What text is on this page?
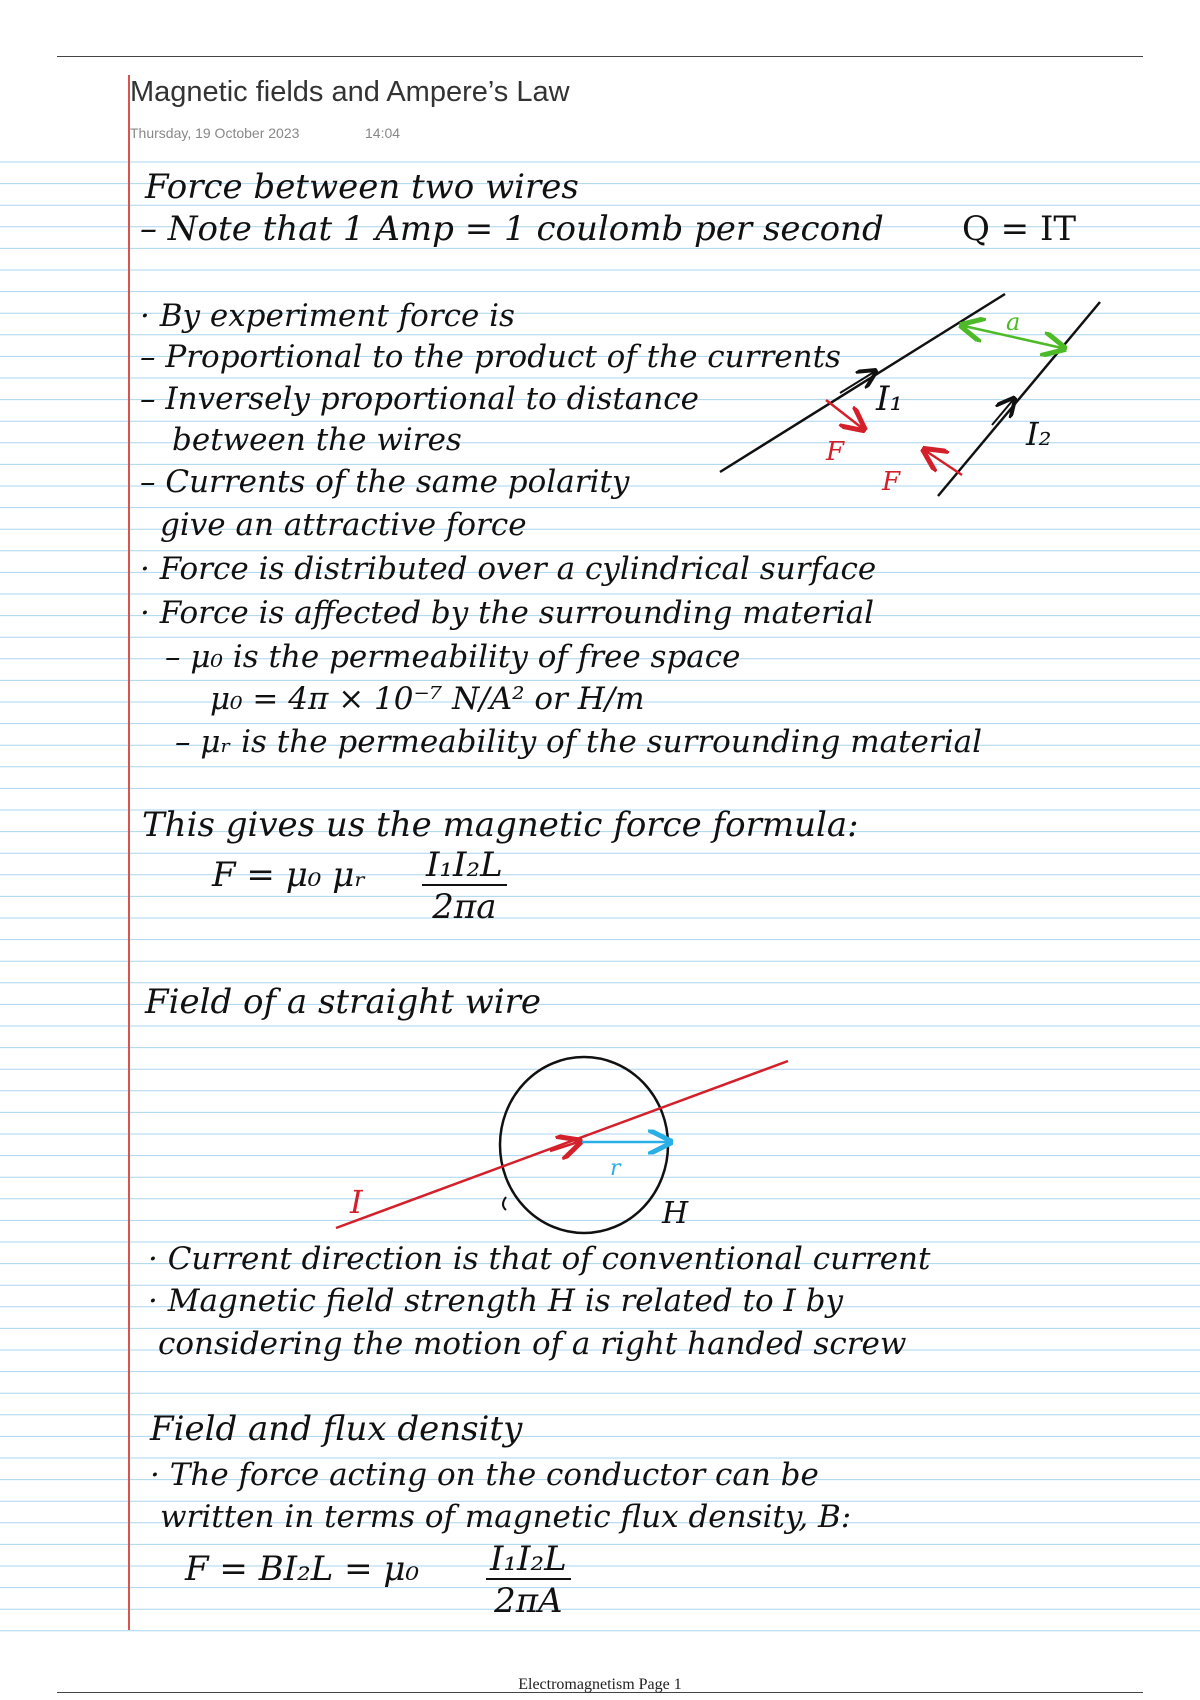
Magnetic fields and Ampere’s Law
Thursday, 19 October 2023	14:04
Force between two wires
– Note that 1 Amp = 1 coulomb per second Q = IT
· By experiment force is
– Proportional to the product of the currents
– Inversely proportional to distance
between the wires
– Currents of the same polarity
give an attractive force
· Force is distributed over a cylindrical surface
· Force is affected by the surrounding material
– μ₀ is the permeability of free space
μ₀ = 4π × 10⁻⁷ N/A² or H/m
– μᵣ is the permeability of the surrounding material
I₁
I₂
a
F
F
This gives us the magnetic force formula:
F = μ₀ μᵣ $\frac{\text{I₁I₂L}}{2\pi a}$
Field of a straight wire
I
r
H
· Current direction is that of conventional current
· Magnetic field strength H is related to I by
considering the motion of a right handed screw
Field and flux density
· The force acting on the conductor can be
written in terms of magnetic flux density, B:
$F = BI_2L = \mu_0 \frac{\text{I₁I₂L}}{2\pi A}$
Electromagnetism Page 1
